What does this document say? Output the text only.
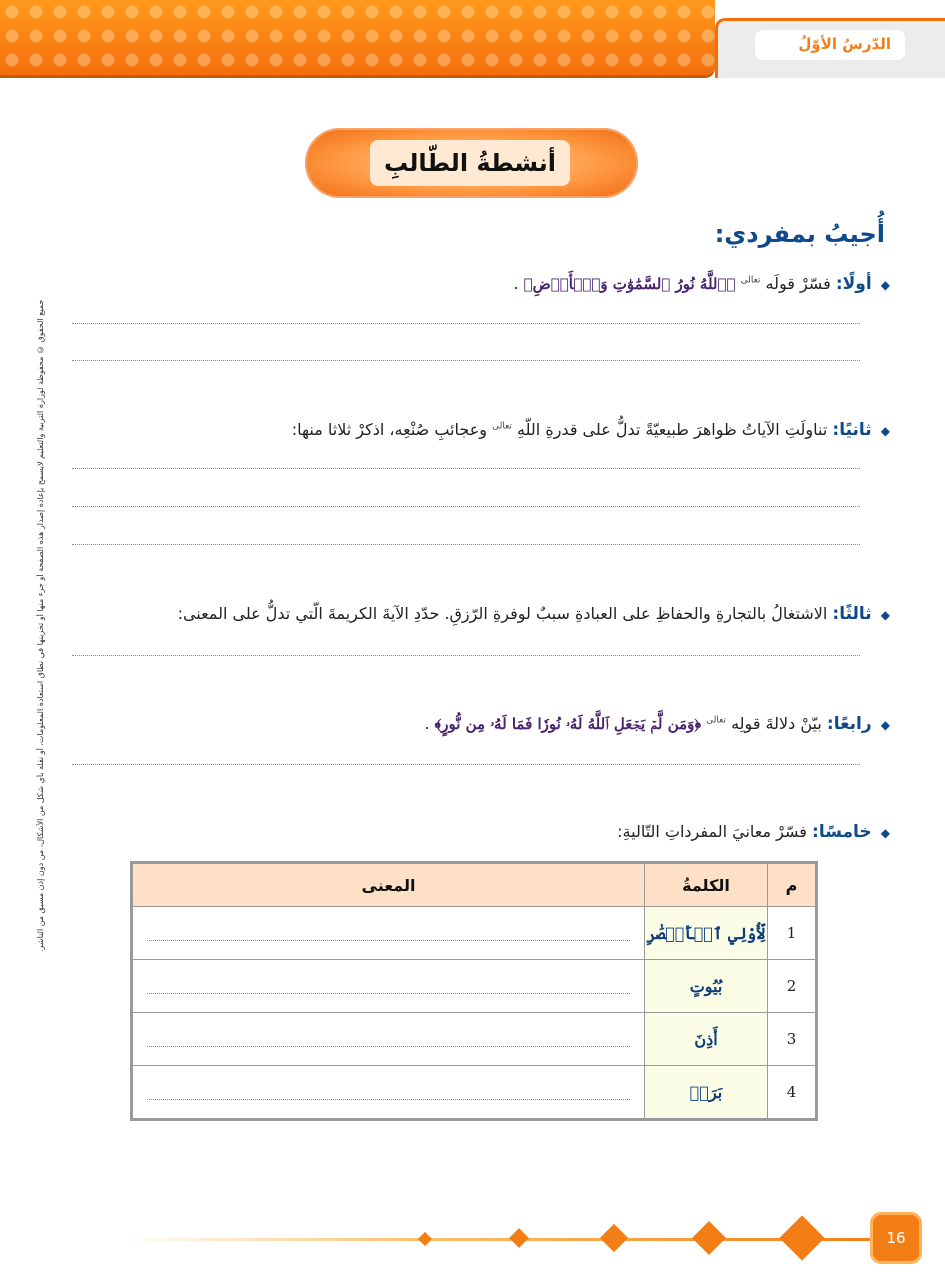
الدّرسُ الأوّلُ
أنشطةُ الطّالبِ
أُجيبُ بمفردي:
جميع الحقوق © محفوظة لوزارة التربية والتعليم لايسمح بإعادة إصدار هذه الصفحة أو جزء منها أو تخزينها في نطاق استعادة المعلومات، أو نقله بأي شكل من الأشكال، من دون إذن مسبق من الناشر.
◆ أولًا: فسّرْ قولَه $^{تعالى}$ ﴿ٱللَّهُ نُورُ ٱلسَّمَٰوَٰتِ وَٱلۡأَرۡضِ﴾ .
◆ ثانيًا: تناولَتِ الآياتُ ظواهرَ طبيعيّةً تدلُّ على قدرةِ اللّهِ $^{تعالى}$ وعجائبِ صُنْعِه، اذكرْ ثلاثا منها:
◆ ثالثًا: الاشتغالُ بالتجارةِ والحفاظِ على العبادةِ سببٌ لوفرةِ الرّزقِ. حدّدِ الآيةَ الكريمةَ الّتي تدلُّ على المعنى:
◆ رابعًا: بيّنْ دلالةَ قولِه $^{تعالى}$ ﴿وَمَن لَّمۡ يَجۡعَلِ ٱللَّهُ لَهُۥ نُورٗا فَمَا لَهُۥ مِن نُّورٍ﴾ .
◆ خامسًا: فسّرْ معانيَ المفرداتِ التّاليةِ:
م	الكلمةُ	المعنى
1	لِّأُوْلِي ٱلۡأَبۡصَٰرِ	

2	بُيُوتٍ	

3	أَذِنَ	

4	بَرَدٖ	
16
